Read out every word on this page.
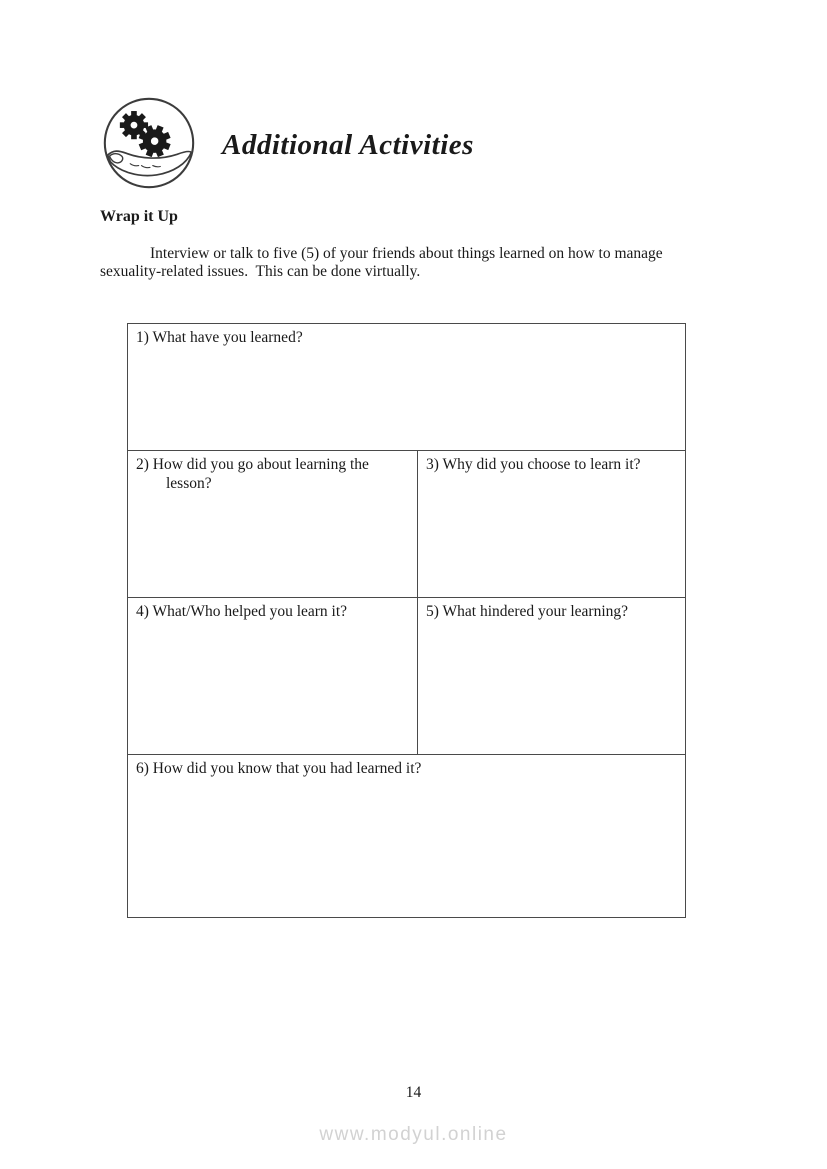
Additional Activities
Wrap it Up

Interview or talk to five (5) of your friends about things learned on how to manage sexuality-related issues.  This can be done virtually.

1) What have you learned?	
2) How did you go about learning the lesson?	3) Why did you choose to learn it?
4) What/Who helped you learn it?	5) What hindered your learning?
6) How did you know that you had learned it?	
14
www.modyul.online
